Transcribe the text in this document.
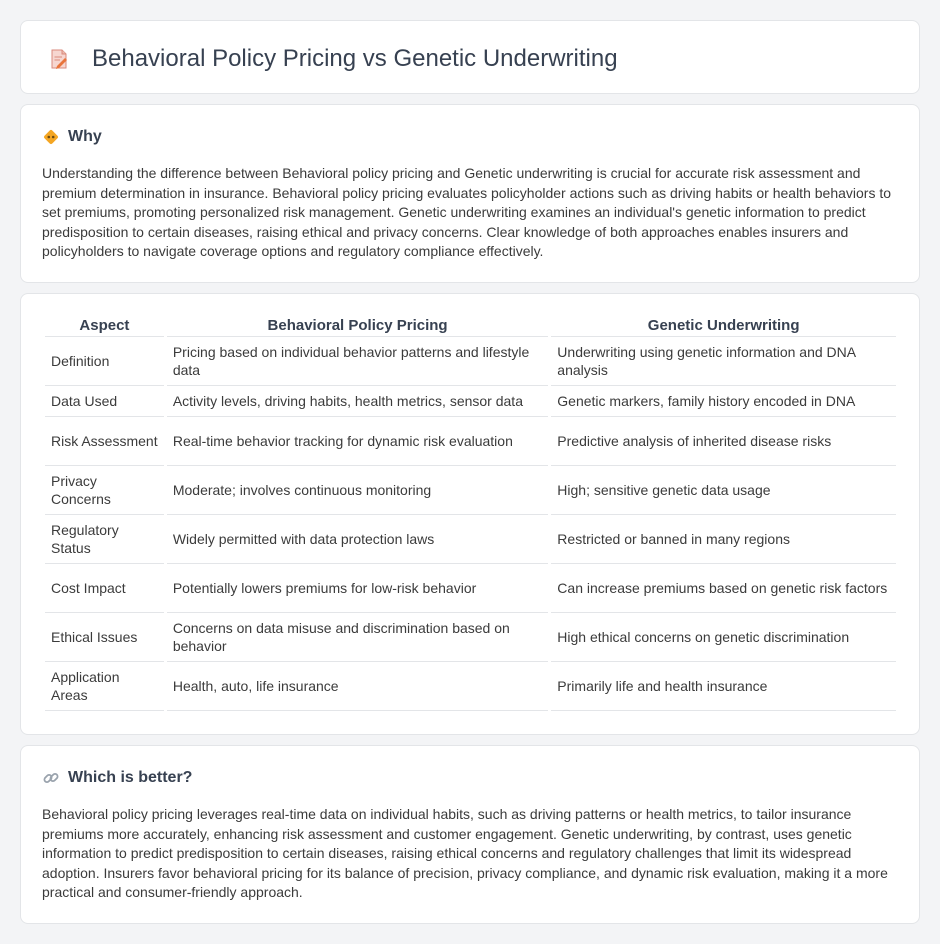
Behavioral Policy Pricing vs Genetic Underwriting
Why

Understanding the difference between Behavioral policy pricing and Genetic underwriting is crucial for accurate risk assessment and premium determination in insurance. Behavioral policy pricing evaluates policyholder actions such as driving habits or health behaviors to set premiums, promoting personalized risk management. Genetic underwriting examines an individual's genetic information to predict predisposition to certain diseases, raising ethical and privacy concerns. Clear knowledge of both approaches enables insurers and policyholders to navigate coverage options and regulatory compliance effectively.

Aspect	Behavioral Policy Pricing	Genetic Underwriting
Definition	Pricing based on individual behavior patterns and lifestyle data	Underwriting using genetic information and DNA analysis
Data Used	Activity levels, driving habits, health metrics, sensor data	Genetic markers, family history encoded in DNA
Risk Assessment	Real-time behavior tracking for dynamic risk evaluation	Predictive analysis of inherited disease risks
Privacy Concerns	Moderate; involves continuous monitoring	High; sensitive genetic data usage
Regulatory Status	Widely permitted with data protection laws	Restricted or banned in many regions
Cost Impact	Potentially lowers premiums for low-risk behavior	Can increase premiums based on genetic risk factors
Ethical Issues	Concerns on data misuse and discrimination based on behavior	High ethical concerns on genetic discrimination
Application Areas	Health, auto, life insurance	Primarily life and health insurance
Which is better?

Behavioral policy pricing leverages real-time data on individual habits, such as driving patterns or health metrics, to tailor insurance premiums more accurately, enhancing risk assessment and customer engagement. Genetic underwriting, by contrast, uses genetic information to predict predisposition to certain diseases, raising ethical concerns and regulatory challenges that limit its widespread adoption. Insurers favor behavioral pricing for its balance of precision, privacy compliance, and dynamic risk evaluation, making it a more practical and consumer-friendly approach.
